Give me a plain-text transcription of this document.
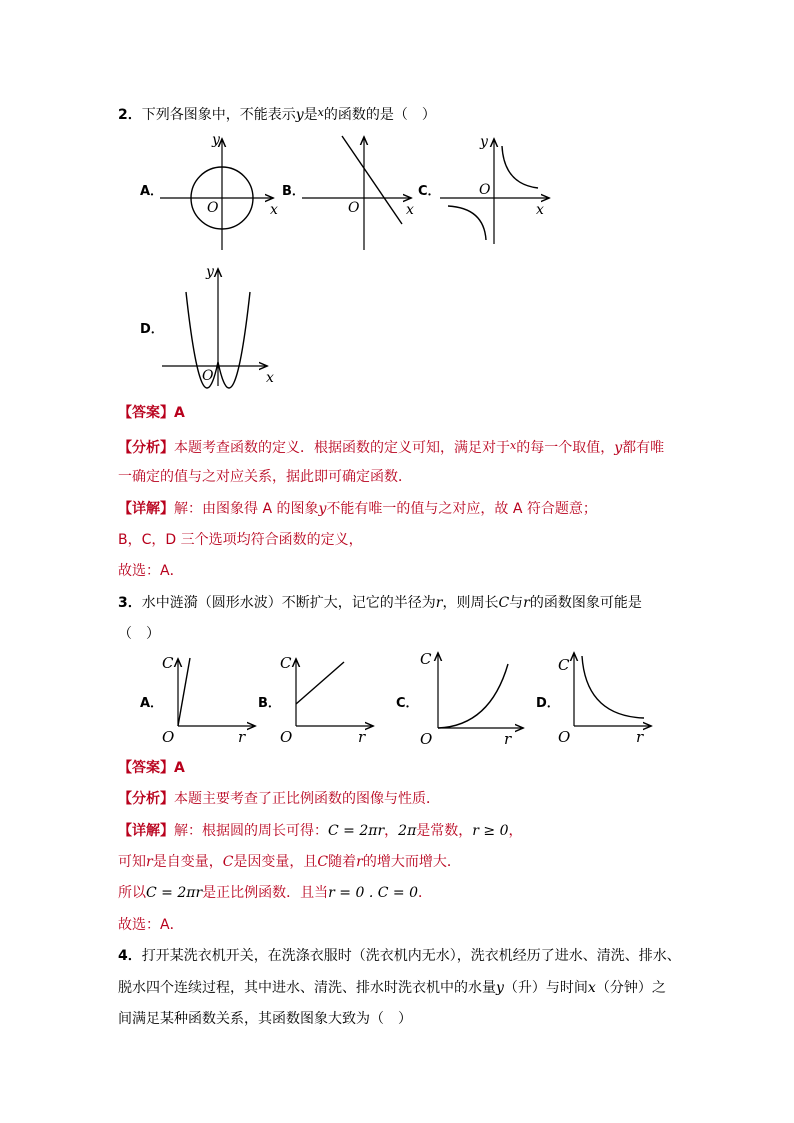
2．下列各图象中，不能表示y是$^x$的函数的是（　）
A．
y
x
O
B．
x
O
C．
y
x
O
D．
y
x
O
【答案】A
【分析】本题考查函数的定义．根据函数的定义可知，满足对于$^x$的每一个取值，y都有唯
一确定的值与之对应关系，据此即可确定函数．
【详解】解：由图象得 A 的图象y不能有唯一的值与之对应，故 A 符合题意；
B，C，D 三个选项均符合函数的定义，
故选：A．
3．水中涟漪（圆形水波）不断扩大，记它的半径为r，则周长C与r的函数图象可能是
（　）
A．
C
r
O
B．
C
r
O
C．
C
r
O
D．
C
r
O
【答案】A
【分析】本题主要考查了正比例函数的图像与性质．
【详解】解：根据圆的周长可得：C = 2πr，2π是常数，r ≥ 0，
可知r是自变量，C是因变量，且C随着r的增大而增大．
所以C = 2πr是正比例函数．且当r = 0 . C = 0．
故选：A．
4．打开某洗衣机开关，在洗涤衣服时（洗衣机内无水），洗衣机经历了进水、清洗、排水、
脱水四个连续过程，其中进水、清洗、排水时洗衣机中的水量y（升）与时间x（分钟）之
间满足某种函数关系，其函数图象大致为（　）
